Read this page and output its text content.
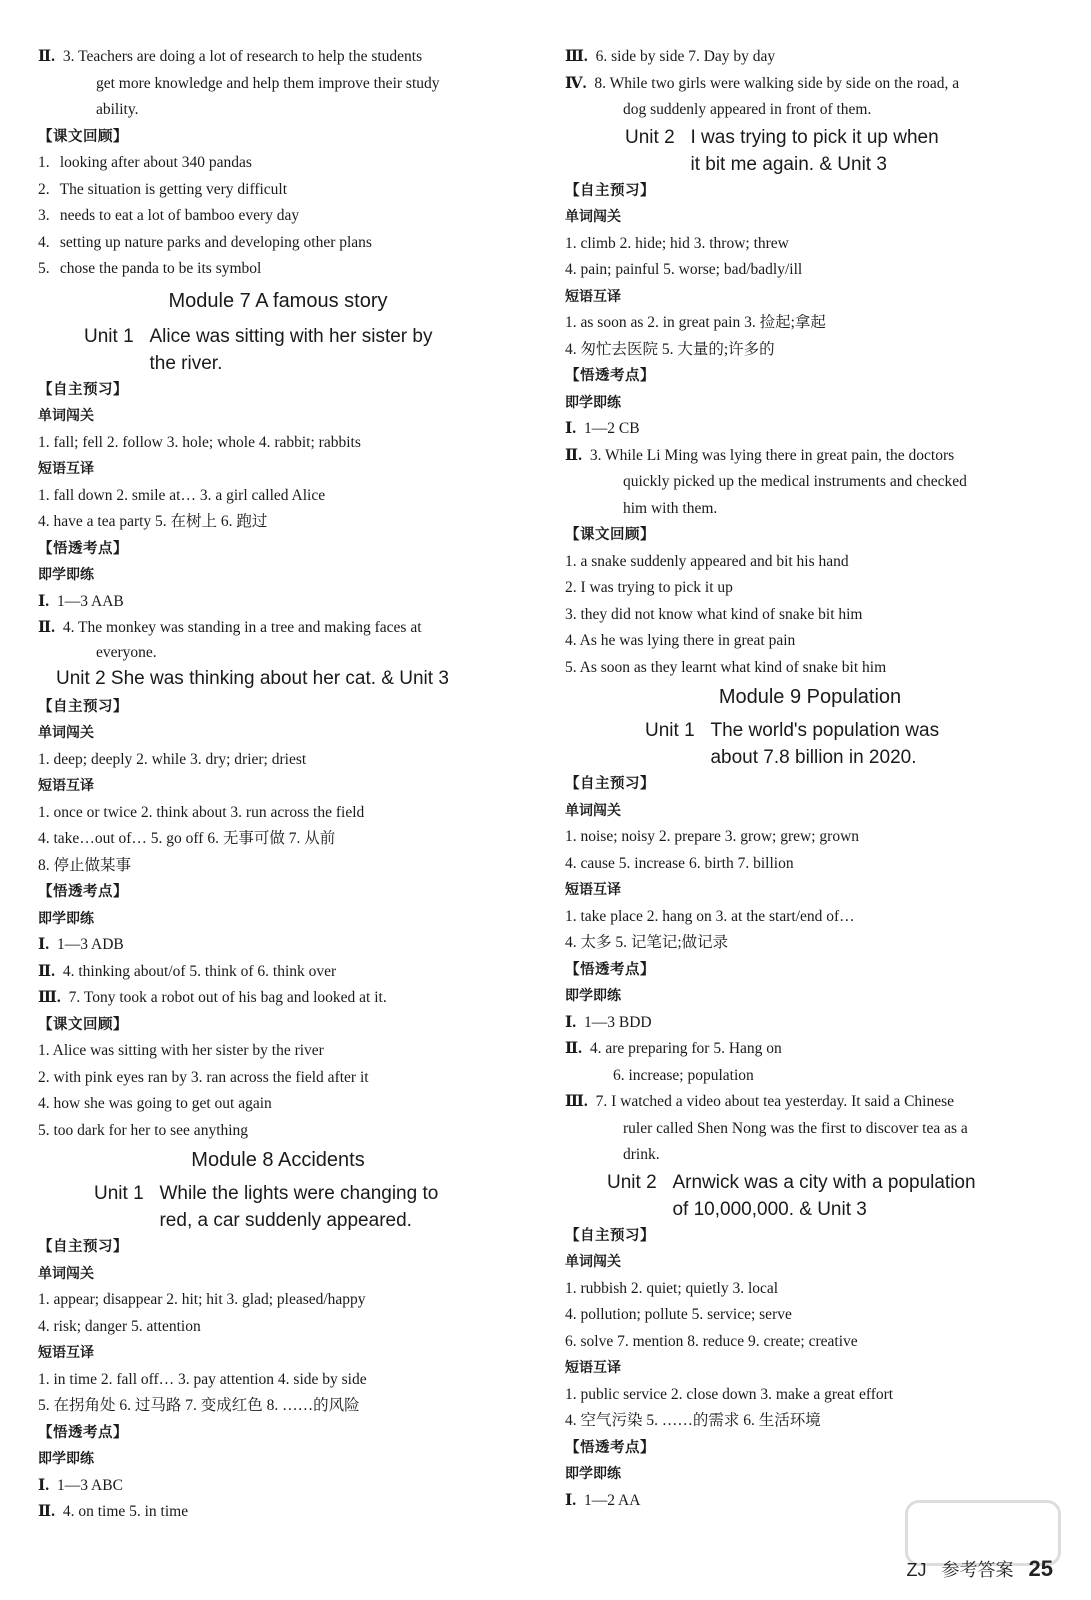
Ⅱ. 3. Teachers are doing a lot of research to help the students
get more knowledge and help them improve their study
ability.
【课文回顾】
1. looking after about 340 pandas
2. The situation is getting very difficult
3. needs to eat a lot of bamboo every day
4. setting up nature parks and developing other plans
5. chose the panda to be its symbol
Module 7 A famous story
Unit 1 Alice was sitting with her sister by
the river.
【自主预习】
单词闯关
1. fall; fell 2. follow 3. hole; whole 4. rabbit; rabbits
短语互译
1. fall down 2. smile at… 3. a girl called Alice
4. have a tea party 5. 在树上 6. 跑过
【悟透考点】
即学即练
Ⅰ. 1—3 AAB
Ⅱ. 4. The monkey was standing in a tree and making faces at
everyone.
Unit 2 She was thinking about her cat. & Unit 3
【自主预习】
单词闯关
1. deep; deeply 2. while 3. dry; drier; driest
短语互译
1. once or twice 2. think about 3. run across the field
4. take…out of… 5. go off 6. 无事可做 7. 从前
8. 停止做某事
【悟透考点】
即学即练
Ⅰ. 1—3 ADB
Ⅱ. 4. thinking about/of 5. think of 6. think over
Ⅲ. 7. Tony took a robot out of his bag and looked at it.
【课文回顾】
1. Alice was sitting with her sister by the river
2. with pink eyes ran by 3. ran across the field after it
4. how she was going to get out again
5. too dark for her to see anything
Module 8 Accidents
Unit 1 While the lights were changing to
red, a car suddenly appeared.
【自主预习】
单词闯关
1. appear; disappear 2. hit; hit 3. glad; pleased/happy
4. risk; danger 5. attention
短语互译
1. in time 2. fall off… 3. pay attention 4. side by side
5. 在拐角处 6. 过马路 7. 变成红色 8. ……的风险
【悟透考点】
即学即练
Ⅰ. 1—3 ABC
Ⅱ. 4. on time 5. in time
Ⅲ. 6. side by side 7. Day by day
Ⅳ. 8. While two girls were walking side by side on the road, a
dog suddenly appeared in front of them.
Unit 2 I was trying to pick it up when
it bit me again. & Unit 3
【自主预习】
单词闯关
1. climb 2. hide; hid 3. throw; threw
4. pain; painful 5. worse; bad/badly/ill
短语互译
1. as soon as 2. in great pain 3. 捡起;拿起
4. 匆忙去医院 5. 大量的;许多的
【悟透考点】
即学即练
Ⅰ. 1—2 CB
Ⅱ. 3. While Li Ming was lying there in great pain, the doctors
quickly picked up the medical instruments and checked
him with them.
【课文回顾】
1. a snake suddenly appeared and bit his hand
2. I was trying to pick it up
3. they did not know what kind of snake bit him
4. As he was lying there in great pain
5. As soon as they learnt what kind of snake bit him
Module 9 Population
Unit 1 The world's population was
about 7.8 billion in 2020.
【自主预习】
单词闯关
1. noise; noisy 2. prepare 3. grow; grew; grown
4. cause 5. increase 6. birth 7. billion
短语互译
1. take place 2. hang on 3. at the start/end of…
4. 太多 5. 记笔记;做记录
【悟透考点】
即学即练
Ⅰ. 1—3 BDD
Ⅱ. 4. are preparing for 5. Hang on
6. increase; population
Ⅲ. 7. I watched a video about tea yesterday. It said a Chinese
ruler called Shen Nong was the first to discover tea as a
drink.
Unit 2 Arnwick was a city with a population
of 10,000,000. & Unit 3
【自主预习】
单词闯关
1. rubbish 2. quiet; quietly 3. local
4. pollution; pollute 5. service; serve
6. solve 7. mention 8. reduce 9. create; creative
短语互译
1. public service 2. close down 3. make a great effort
4. 空气污染 5. ……的需求 6. 生活环境
【悟透考点】
即学即练
Ⅰ. 1—2 AA
ZJ 参考答案 25
